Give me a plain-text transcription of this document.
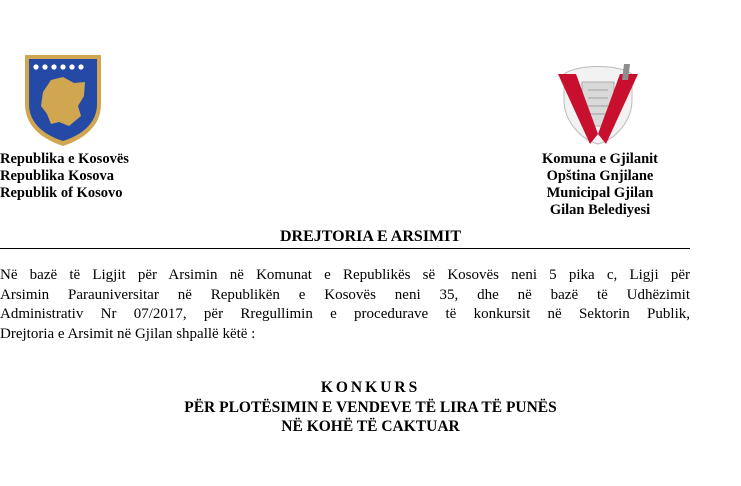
Republika e Kosovës
Republika Kosova
Republik of Kosovo
Komuna e Gjilanit
Opština Gnjilane
Municipal Gjilan
Gilan Belediyesi
DREJTORIA E ARSIMIT
Në bazë të Ligjit për Arsimin në Komunat e Republikës së Kosovës neni 5 pika c, Ligji për
Arsimin Parauniversitar në Republikën e Kosovës neni 35, dhe në bazë të Udhëzimit
Administrativ Nr 07/2017, për Rregullimin e procedurave të konkursit në Sektorin Publik,
Drejtoria e Arsimit në Gjilan shpallë këtë :
KONKURS
PËR PLOTËSIMIN E VENDEVE TË LIRA TË PUNËS
NË KOHË TË CAKTUAR
